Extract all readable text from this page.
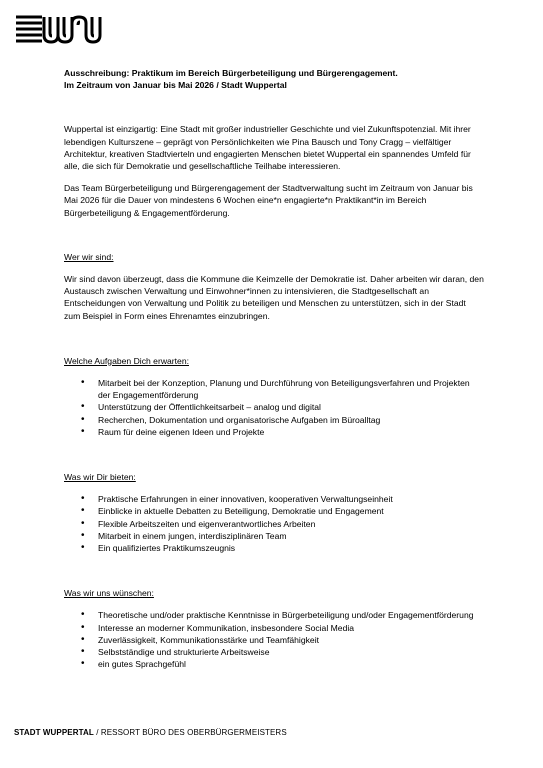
Ausschreibung: Praktikum im Bereich Bürgerbeteiligung und Bürgerengagement.

Im Zeitraum von Januar bis Mai 2026 / Stadt Wuppertal

Wuppertal ist einzigartig: Eine Stadt mit großer industrieller Geschichte und viel Zukunftspotenzial. Mit ihrer lebendigen Kulturszene – geprägt von Persönlichkeiten wie Pina Bausch und Tony Cragg – vielfältiger Architektur, kreativen Stadtvierteln und engagierten Menschen bietet Wuppertal ein spannendes Umfeld für alle, die sich für Demokratie und gesellschaftliche Teilhabe interessieren.

Das Team Bürgerbeteiligung und Bürgerengagement der Stadtverwaltung sucht im Zeitraum von Januar bis Mai 2026 für die Dauer von mindestens 6 Wochen eine*n engagierte*n Praktikant*in im Bereich Bürgerbeteiligung & Engagementförderung.

Wer wir sind:

Wir sind davon überzeugt, dass die Kommune die Keimzelle der Demokratie ist. Daher arbeiten wir daran, den Austausch zwischen Verwaltung und Einwohner*innen zu intensivieren, die Stadtgesellschaft an Entscheidungen von Verwaltung und Politik zu beteiligen und Menschen zu unterstützen, sich in der Stadt zum Beispiel in Form eines Ehrenamtes einzubringen.

Welche Aufgaben Dich erwarten:

• Mitarbeit bei der Konzeption, Planung und Durchführung von Beteiligungsverfahren und Projekten der Engagementförderung
• Unterstützung der Öffentlichkeitsarbeit – analog und digital
• Recherchen, Dokumentation und organisatorische Aufgaben im Büroalltag
• Raum für deine eigenen Ideen und Projekte

Was wir Dir bieten:

• Praktische Erfahrungen in einer innovativen, kooperativen Verwaltungseinheit
• Einblicke in aktuelle Debatten zu Beteiligung, Demokratie und Engagement
• Flexible Arbeitszeiten und eigenverantwortliches Arbeiten
• Mitarbeit in einem jungen, interdisziplinären Team
• Ein qualifiziertes Praktikumszeugnis

Was wir uns wünschen:

• Theoretische und/oder praktische Kenntnisse in Bürgerbeteiligung und/oder Engagementförderung
• Interesse an moderner Kommunikation, insbesondere Social Media
• Zuverlässigkeit, Kommunikationsstärke und Teamfähigkeit
• Selbstständige und strukturierte Arbeitsweise
• ein gutes Sprachgefühl
STADT WUPPERTAL / RESSORT BÜRO DES OBERBÜRGERMEISTERS
